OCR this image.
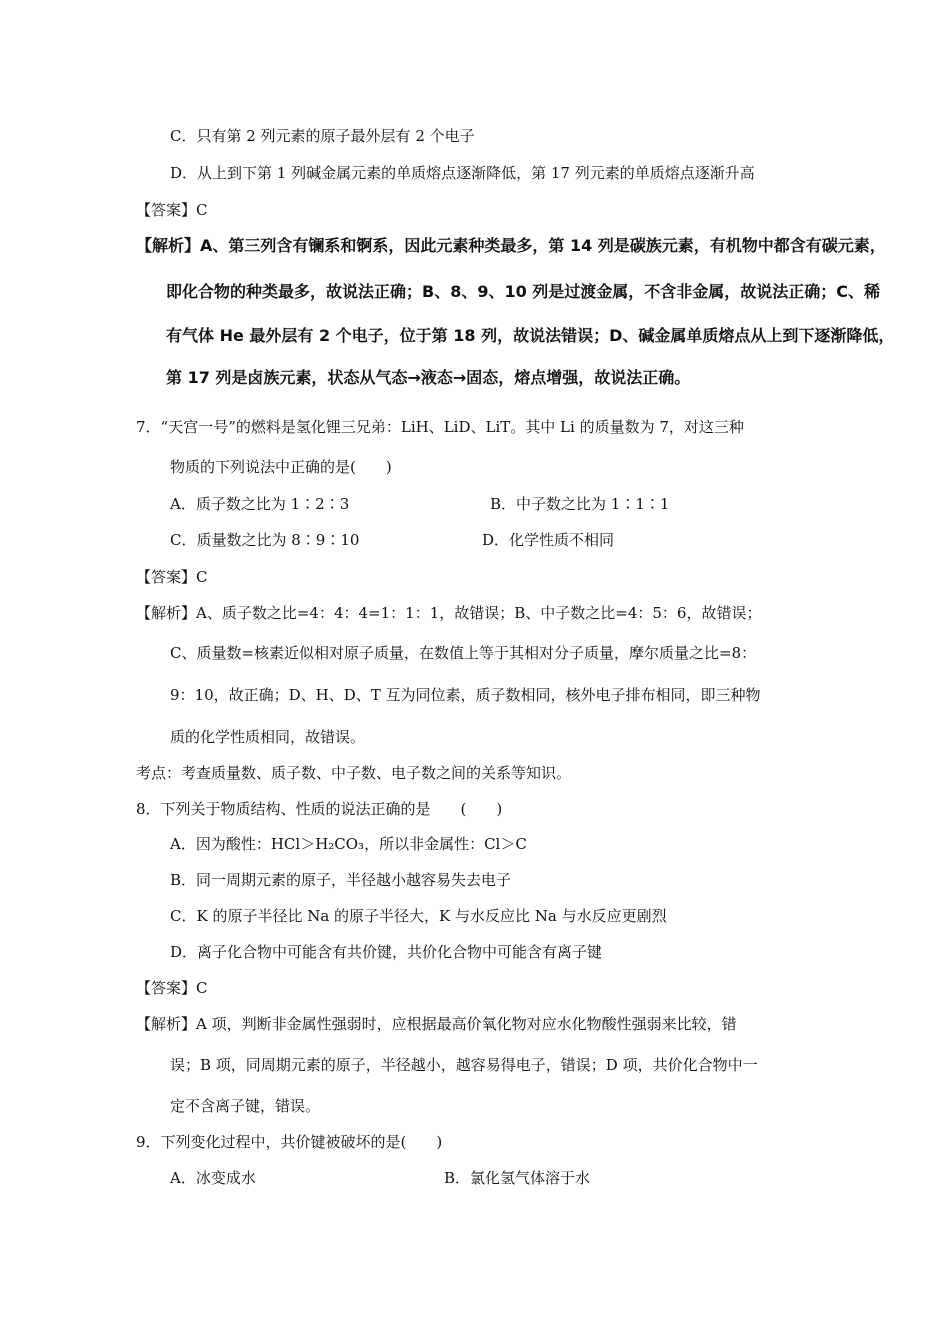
C．只有第 2 列元素的原子最外层有 2 个电子
D．从上到下第 1 列碱金属元素的单质熔点逐渐降低，第 17 列元素的单质熔点逐渐升高
【答案】C
【解析】A、第三列含有镧系和锕系，因此元素种类最多，第 14 列是碳族元素，有机物中都含有碳元素，
即化合物的种类最多，故说法正确；B、8、9、10 列是过渡金属，不含非金属，故说法正确；C、稀
有气体 He 最外层有 2 个电子，位于第 18 列，故说法错误；D、碱金属单质熔点从上到下逐渐降低，
第 17 列是卤族元素，状态从气态→液态→固态，熔点增强，故说法正确。
7．“天宫一号”的燃料是氢化锂三兄弟：LiH、LiD、LiT。其中 Li 的质量数为 7，对这三种
物质的下列说法中正确的是(　　)
A．质子数之比为 1∶2∶3	B．中子数之比为 1∶1∶1
C．质量数之比为 8∶9∶10	D．化学性质不相同
【答案】C
【解析】A、质子数之比=4：4：4=1：1：1，故错误；B、中子数之比=4：5：6，故错误；
C、质量数=核素近似相对原子质量，在数值上等于其相对分子质量，摩尔质量之比=8：
9：10，故正确；D、H、D、T 互为同位素，质子数相同，核外电子排布相同，即三种物
质的化学性质相同，故错误。
考点：考查质量数、质子数、中子数、电子数之间的关系等知识。
8．下列关于物质结构、性质的说法正确的是　　(　　)
A．因为酸性：HCl＞H₂CO₃，所以非金属性：Cl＞C
B．同一周期元素的原子，半径越小越容易失去电子
C．K 的原子半径比 Na 的原子半径大，K 与水反应比 Na 与水反应更剧烈
D．离子化合物中可能含有共价键，共价化合物中可能含有离子键
【答案】C
【解析】A 项，判断非金属性强弱时，应根据最高价氧化物对应水化物酸性强弱来比较，错
误；B 项，同周期元素的原子，半径越小，越容易得电子，错误；D 项，共价化合物中一
定不含离子键，错误。
9．下列变化过程中，共价键被破坏的是(　　)
A．冰变成水	B．氯化氢气体溶于水
